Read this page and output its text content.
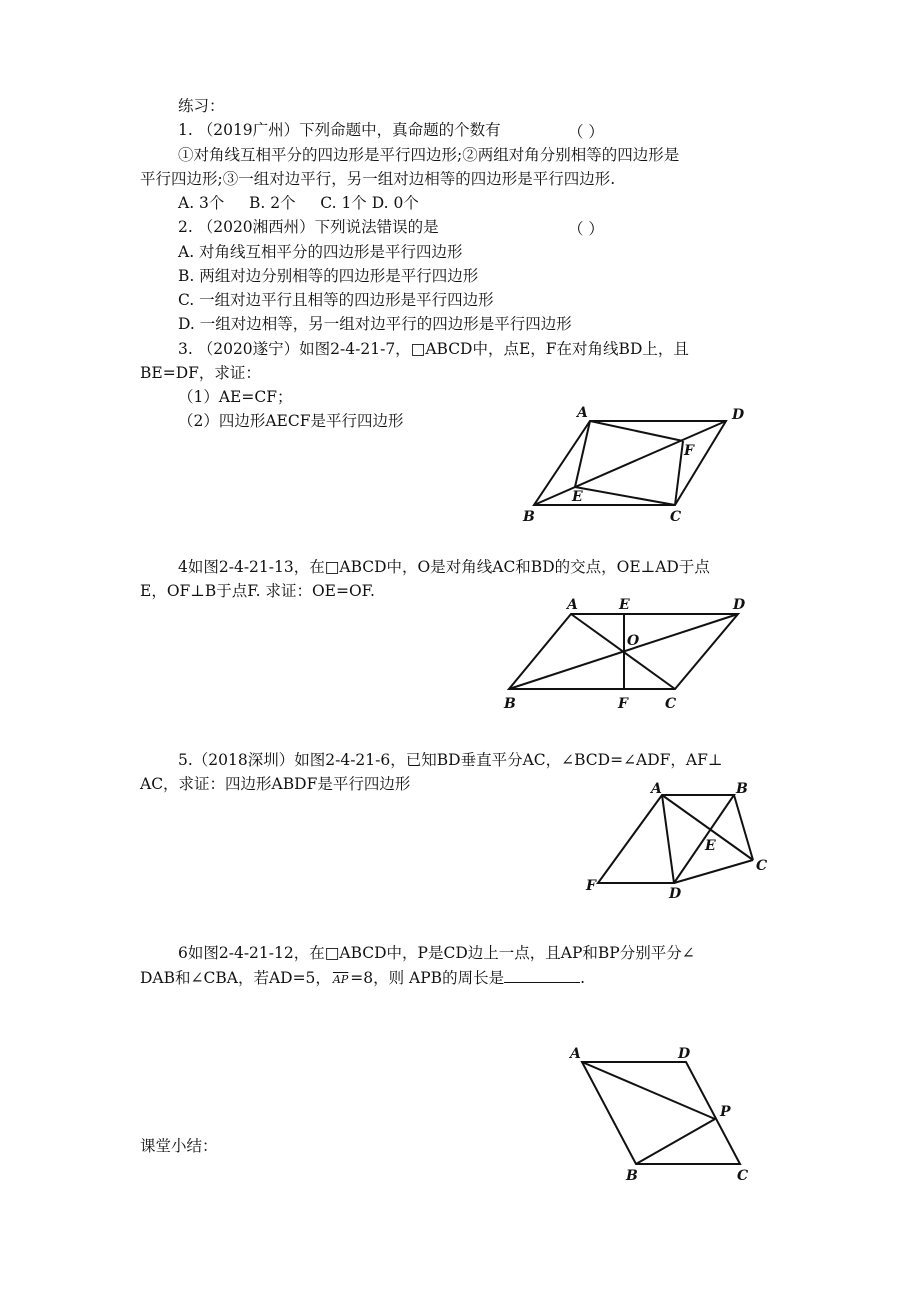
练习：
1. （2019广州）下列命题中，真命题的个数有	（ ）
①对角线互相平分的四边形是平行四边形;②两组对角分别相等的四边形是
平行四边形;③一组对边平行，另一组对边相等的四边形是平行四边形.
A. 3个     B. 2个     C. 1个 D. 0个
2. （2020湘西州）下列说法错误的是	（ ）
A. 对角线互相平分的四边形是平行四边形
B. 两组对边分别相等的四边形是平行四边形
C. 一组对边平行且相等的四边形是平行四边形
D. 一组对边相等，另一组对边平行的四边形是平行四边形
3. （2020遂宁）如图2-4-21-7，□ABCD中，点E，F在对角线BD上，且
BE=DF，求证：
（1）AE=CF；
（2）四边形AECF是平行四边形	A	D
F
E
B	C
4如图2-4-21-13，在□ABCD中，O是对角线AC和BD的交点，OE⊥AD于点
E，OF⊥B于点F. 求证：OE=OF.
A	E	D
O
B	F	C
5.（2018深圳）如图2-4-21-6，已知BD垂直平分AC，∠BCD=∠ADF，AF⊥
AC，求证：四边形ABDF是平行四边形	A	B
E
C
F	D
6如图2-4-21-12，在□ABCD中，P是CD边上一点，且AP和BP分别平分∠
DAB和∠CBA，若AD=5， $\overline{AP} =8$，则 APB的周长是	.
A	D
P
B	C
课堂小结：
